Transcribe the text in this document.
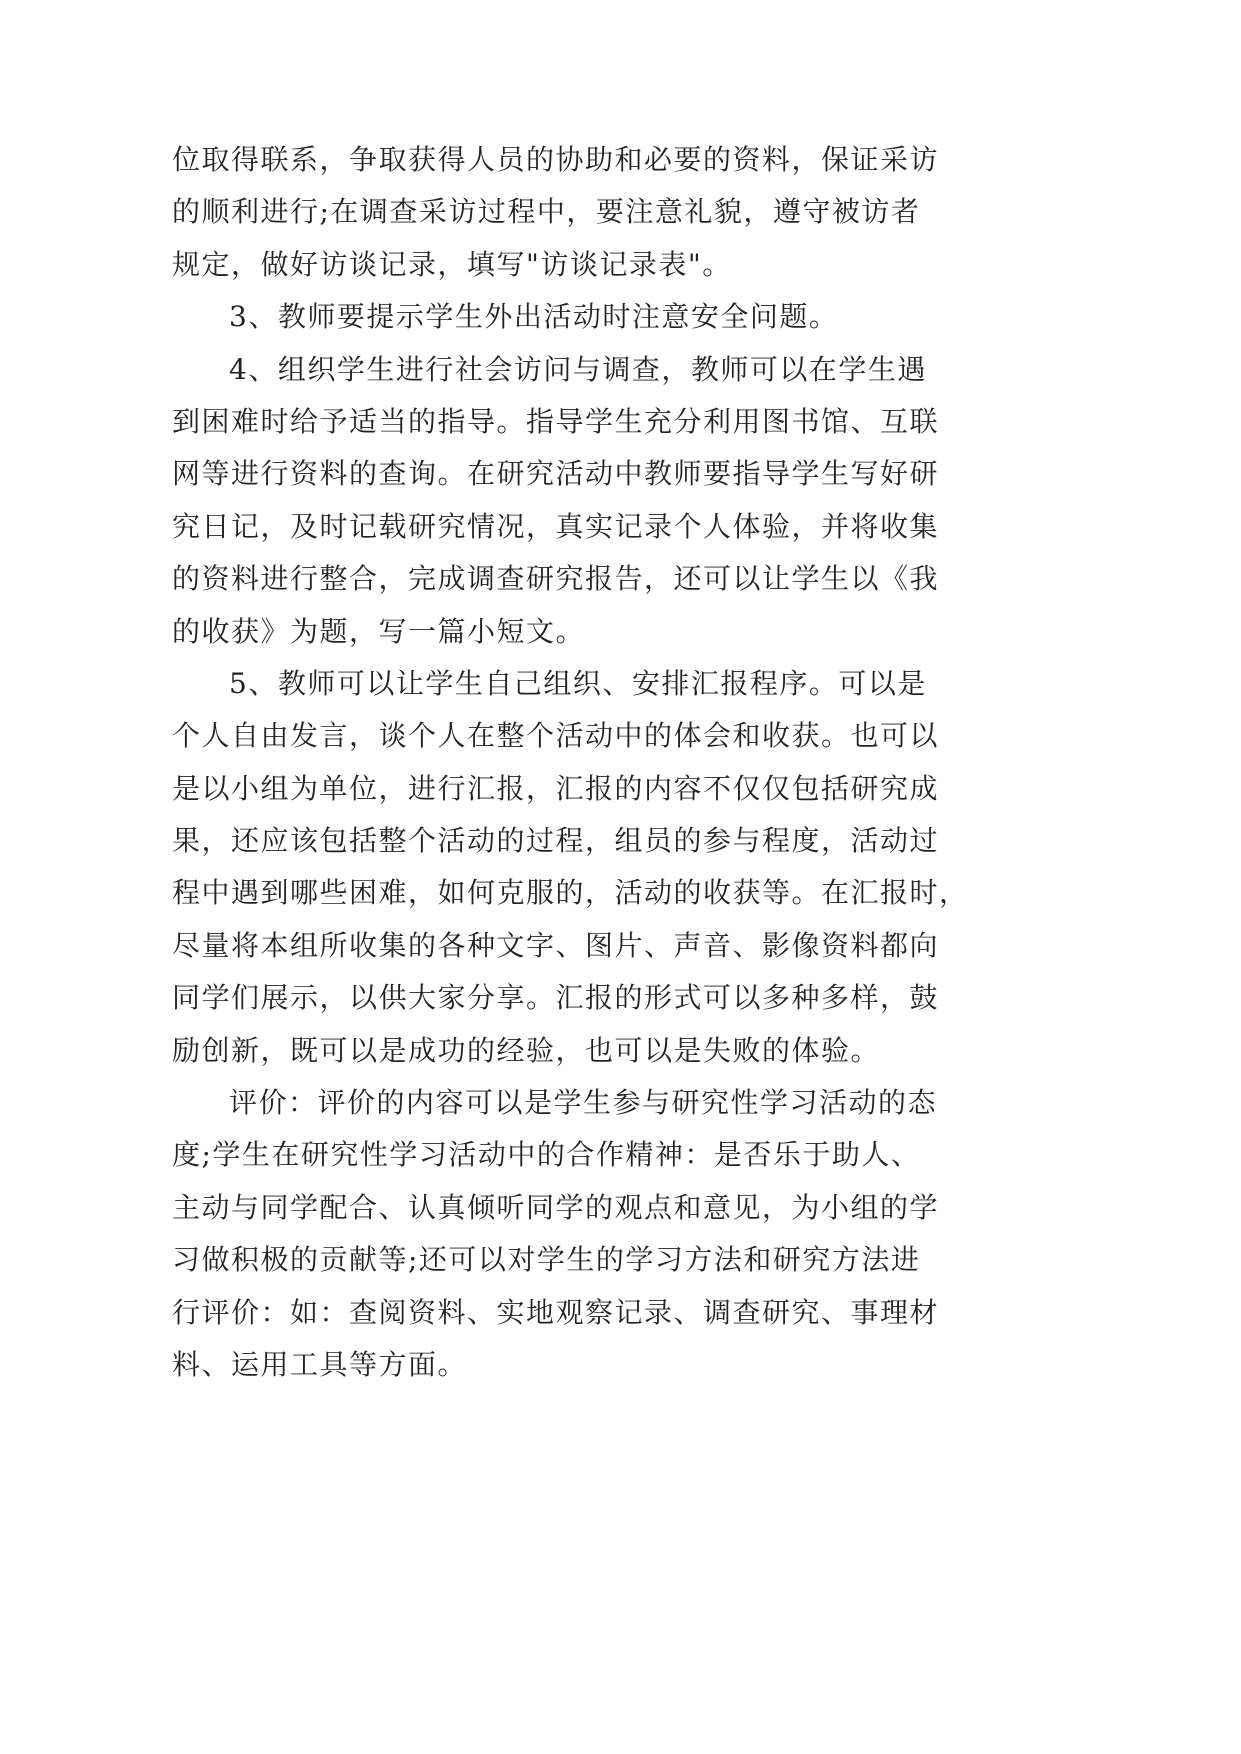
位取得联系，争取获得人员的协助和必要的资料，保证采访
的顺利进行;在调查采访过程中，要注意礼貌，遵守被访者
规定，做好访谈记录，填写"访谈记录表"。
3、教师要提示学生外出活动时注意安全问题。
4、组织学生进行社会访问与调查，教师可以在学生遇
到困难时给予适当的指导。指导学生充分利用图书馆、互联
网等进行资料的查询。在研究活动中教师要指导学生写好研
究日记，及时记载研究情况，真实记录个人体验，并将收集
的资料进行整合，完成调查研究报告，还可以让学生以《我
的收获》为题，写一篇小短文。
5、教师可以让学生自己组织、安排汇报程序。可以是
个人自由发言，谈个人在整个活动中的体会和收获。也可以
是以小组为单位，进行汇报，汇报的内容不仅仅包括研究成
果，还应该包括整个活动的过程，组员的参与程度，活动过
程中遇到哪些困难，如何克服的，活动的收获等。在汇报时，
尽量将本组所收集的各种文字、图片、声音、影像资料都向
同学们展示，以供大家分享。汇报的形式可以多种多样，鼓
励创新，既可以是成功的经验，也可以是失败的体验。
评价：评价的内容可以是学生参与研究性学习活动的态
度;学生在研究性学习活动中的合作精神：是否乐于助人、
主动与同学配合、认真倾听同学的观点和意见，为小组的学
习做积极的贡献等;还可以对学生的学习方法和研究方法进
行评价：如：查阅资料、实地观察记录、调查研究、事理材
料、运用工具等方面。
